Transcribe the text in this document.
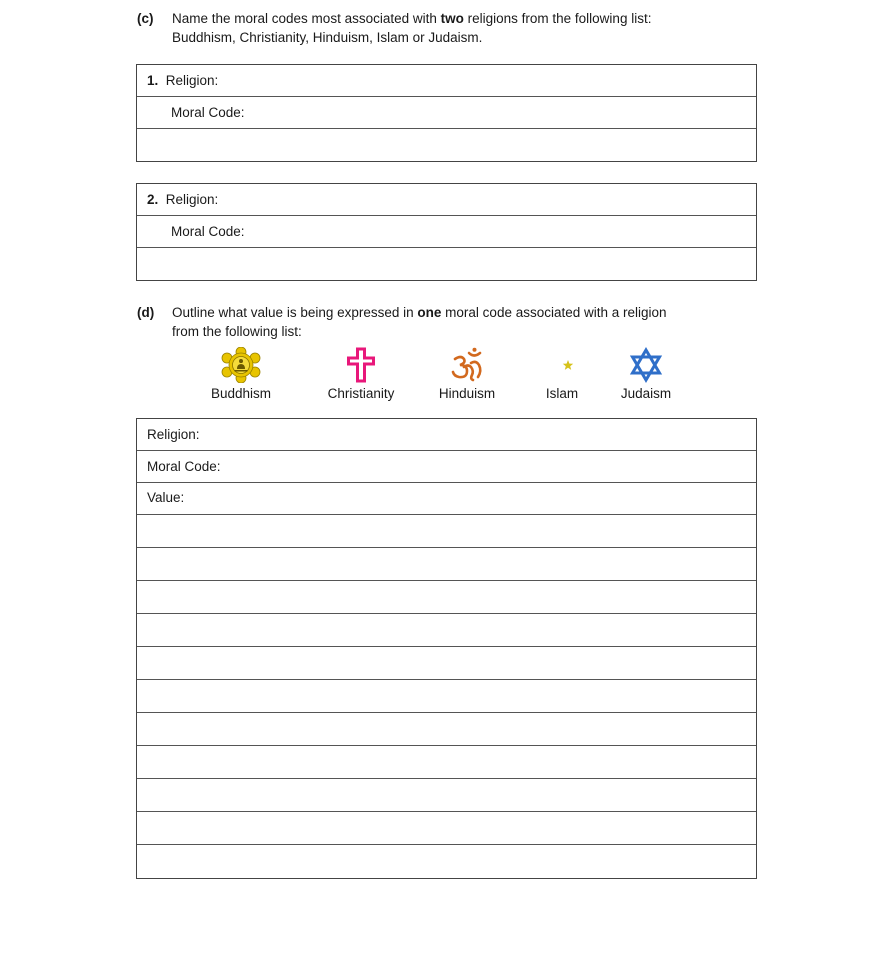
(c) Name the moral codes most associated with two religions from the following list:
Buddhism, Christianity, Hinduism, Islam or Judaism.
1. Religion:
Moral Code:
2. Religion:
Moral Code:
(d) Outline what value is being expressed in one moral code associated with a religion
from the following list:
Buddhism	Christianity	Hinduism	Islam	Judaism
Religion:
Moral Code:
Value:
